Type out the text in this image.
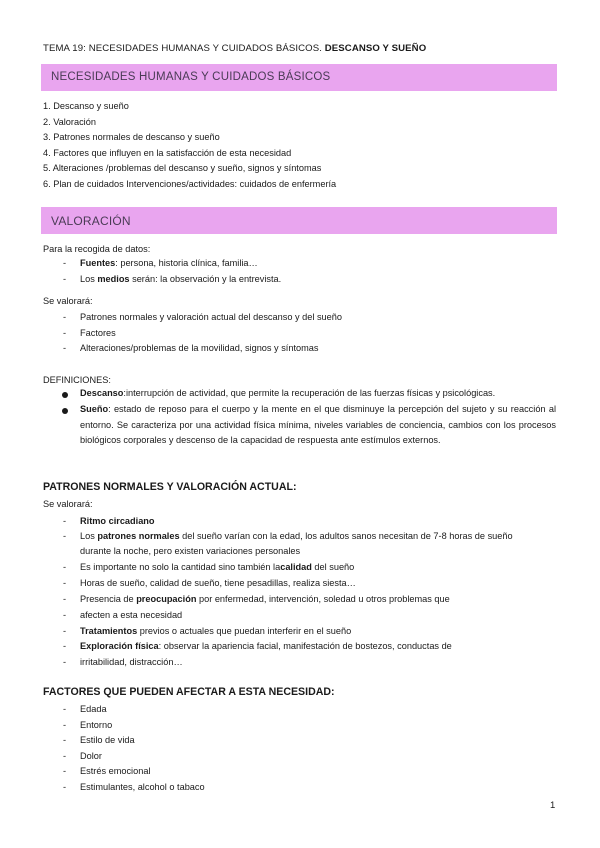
TEMA 19: NECESIDADES HUMANAS Y CUIDADOS BÁSICOS. DESCANSO Y SUEÑO
NECESIDADES HUMANAS Y CUIDADOS BÁSICOS
1. Descanso y sueño
2. Valoración
3. Patrones normales de descanso y sueño
4. Factores que influyen en la satisfacción de esta necesidad
5. Alteraciones /problemas del descanso y sueño, signos y síntomas
6. Plan de cuidados Intervenciones/actividades: cuidados de enfermería
VALORACIÓN
Para la recogida de datos:
- Fuentes: persona, historia clínica, familia…
- Los medios serán: la observación y la entrevista.
Se valorará:
- Patrones normales y valoración actual del descanso y del sueño
- Factores
- Alteraciones/problemas de la movilidad, signos y síntomas
DEFINICIONES:
Descanso:interrupción de actividad, que permite la recuperación de las fuerzas físicas y psicológicas.
Sueño: estado de reposo para el cuerpo y la mente en el que disminuye la percepción del sujeto y su reacción al entorno. Se caracteriza por una actividad física mínima, niveles variables de conciencia, cambios con los procesos biológicos corporales y descenso de la capacidad de respuesta ante estímulos externos.
PATRONES NORMALES Y VALORACIÓN ACTUAL:
Se valorará:
-	Ritmo circadiano
-	Los patrones normales del sueño varían con la edad, los adultos sanos necesitan de 7-8 horas de sueño
durante la noche, pero existen variaciones personales
-	Es importante no solo la cantidad sino también lacalidad del sueño
-	Horas de sueño, calidad de sueño, tiene pesadillas, realiza siesta…
-	Presencia de preocupación por enfermedad, intervención, soledad u otros problemas que
-	afecten a esta necesidad
-	Tratamientos previos o actuales que puedan interferir en el sueño
-	Exploración física: observar la apariencia facial, manifestación de bostezos, conductas de
-	irritabilidad, distracción…
FACTORES QUE PUEDEN AFECTAR A ESTA NECESIDAD:
- Edada
- Entorno
- Estilo de vida
- Dolor
- Estrés emocional
- Estimulantes, alcohol o tabaco
1
